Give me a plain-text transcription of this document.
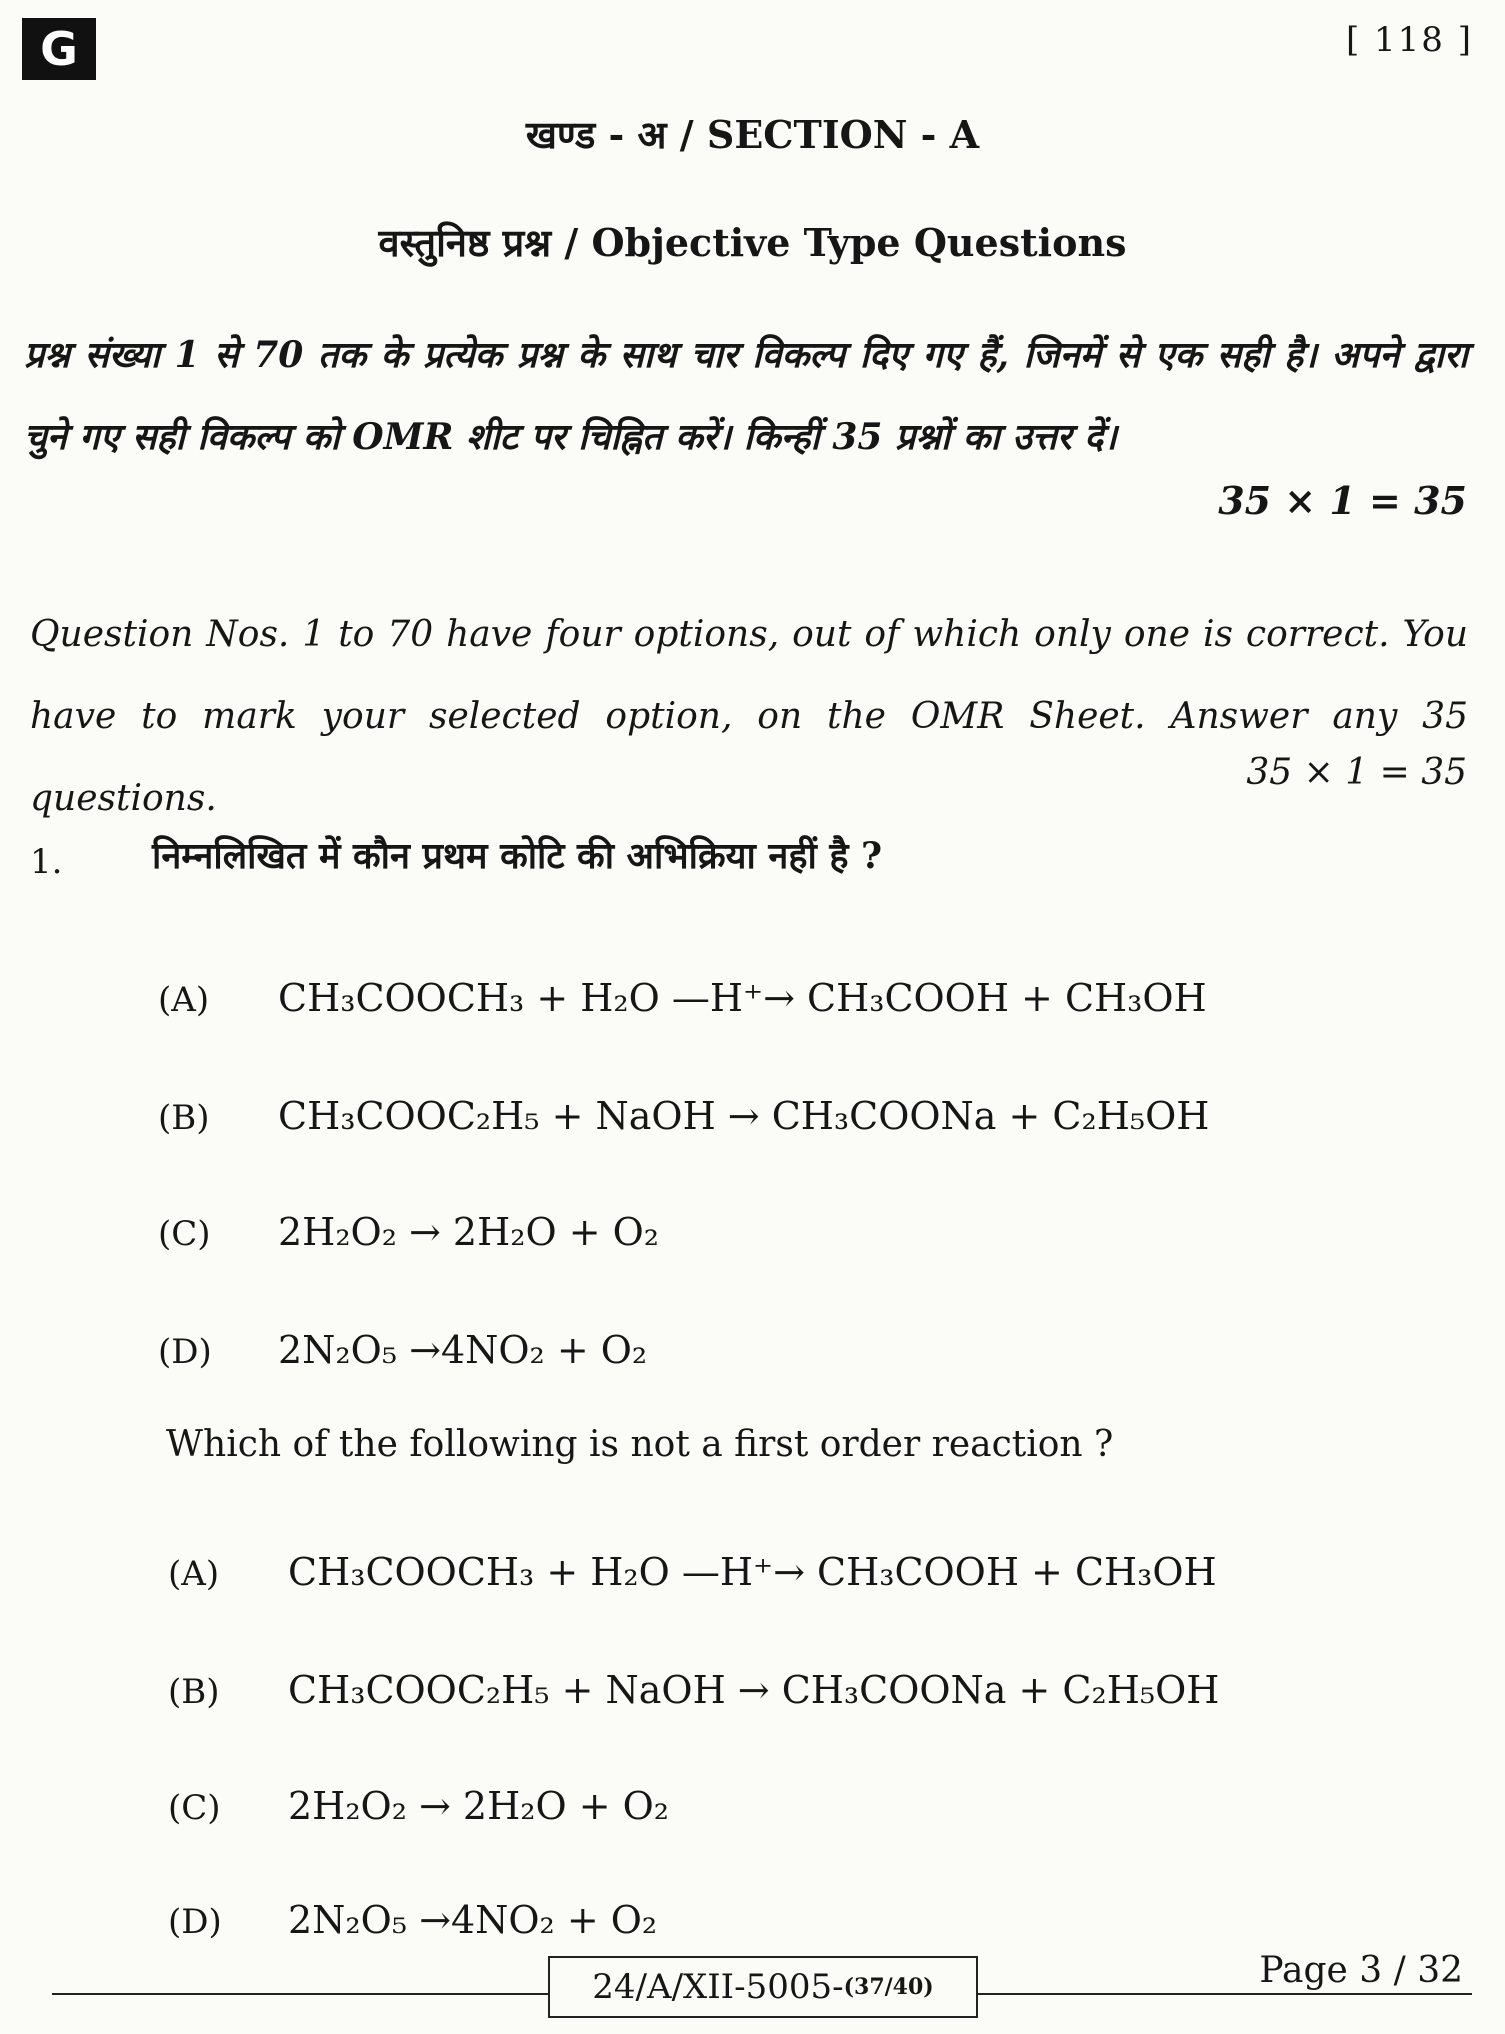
G	[ 118 ]
खण्ड - अ / SECTION - A
वस्तुनिष्ठ प्रश्न / Objective Type Questions
प्रश्न संख्या 1 से 70 तक के प्रत्येक प्रश्न के साथ चार विकल्प दिए गए हैं, जिनमें से एक सही है। अपने द्वारा चुने गए सही विकल्प को OMR शीट पर चिह्नित करें। किन्हीं 35 प्रश्नों का उत्तर दें।
35 × 1 = 35
Question Nos. 1 to 70 have four options, out of which only one is correct. You have to mark your selected option, on the OMR Sheet. Answer any 35 questions.
35 × 1 = 35
1. निम्नलिखित में कौन प्रथम कोटि की अभिक्रिया नहीं है ?
(A)	CH₃COOCH₃ + H₂O —H⁺→ CH₃COOH + CH₃OH
(B)	CH₃COOC₂H₅ + NaOH → CH₃COONa + C₂H₅OH
(C)	2H₂O₂ → 2H₂O + O₂
(D)	2N₂O₅ →4NO₂ + O₂
Which of the following is not a first order reaction ?
(A)	CH₃COOCH₃ + H₂O —H⁺→ CH₃COOH + CH₃OH
(B)	CH₃COOC₂H₅ + NaOH → CH₃COONa + C₂H₅OH
(C)	2H₂O₂ → 2H₂O + O₂
(D)	2N₂O₅ →4NO₂ + O₂
24/A/XII-5005- (37/40)	Page 3 / 32
